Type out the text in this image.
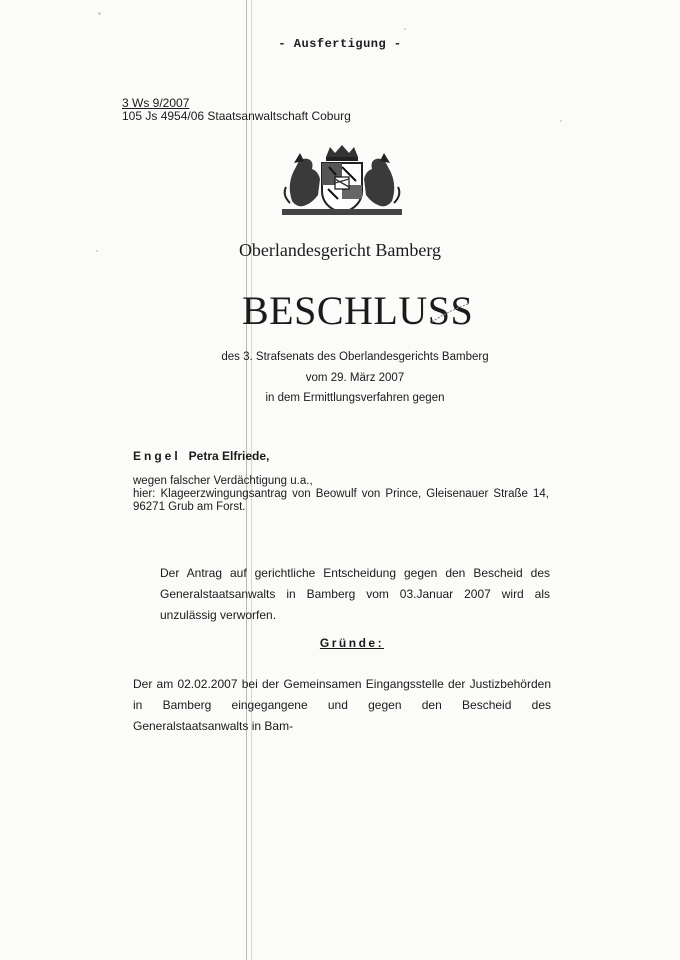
- Ausfertigung -
3 Ws 9/2007
105 Js 4954/06 Staatsanwaltschaft Coburg
Oberlandesgericht Bamberg
BESCHLUSS
des 3. Strafsenats des Oberlandesgerichts Bamberg
vom 29. März 2007
in dem Ermittlungsverfahren gegen
Engel Petra Elfriede,
wegen falscher Verdächtigung u.a.,
hier: Klageerzwingungsantrag von Beowulf von Prince, Gleisenauer Straße 14,
96271 Grub am Forst.
Der Antrag auf gerichtliche Entscheidung gegen den Bescheid des Generalstaatsanwalts in Bamberg vom 03.Januar 2007 wird als unzulässig verworfen.
Gründe:
Der am 02.02.2007 bei der Gemeinsamen Eingangsstelle der Justizbehörden in Bamberg eingegangene und gegen den Bescheid des Generalstaatsanwalts in Bam-
